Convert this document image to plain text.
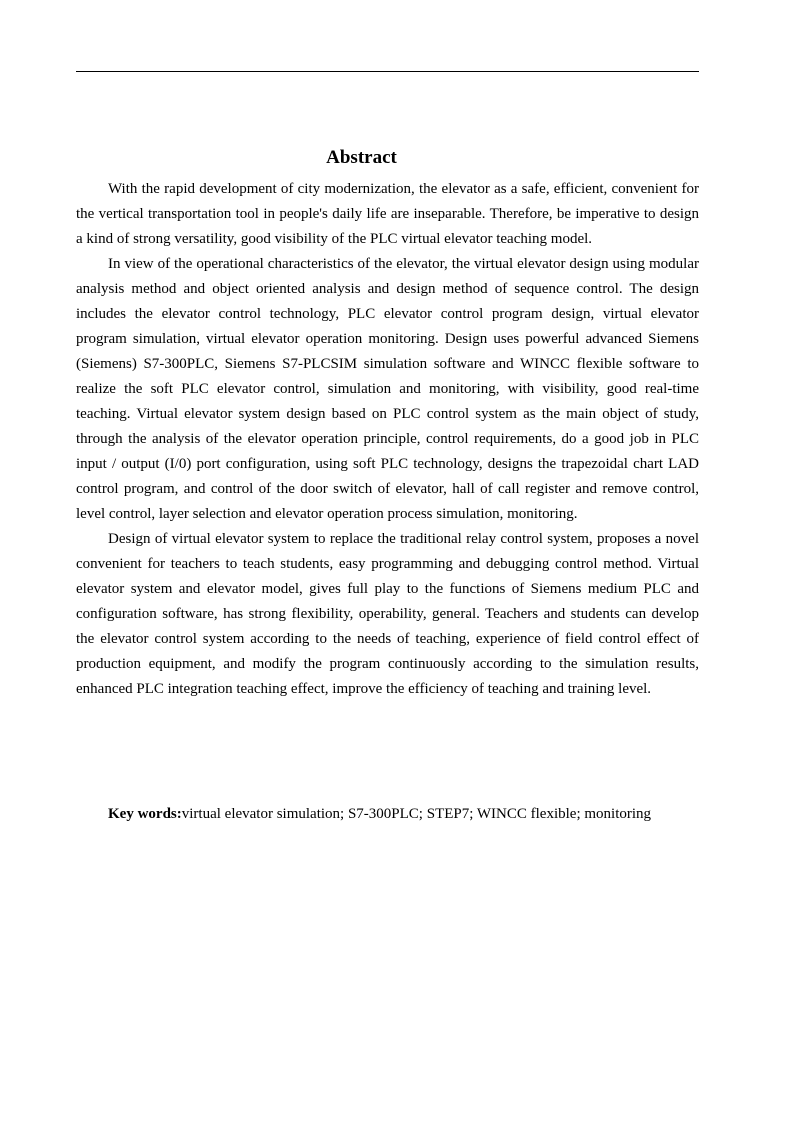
Abstract

With the rapid development of city modernization, the elevator as a safe, efficient, convenient for the vertical transportation tool in people's daily life are inseparable. Therefore, be imperative to design a kind of strong versatility, good visibility of the PLC virtual elevator teaching model.

In view of the operational characteristics of the elevator, the virtual elevator design using modular analysis method and object oriented analysis and design method of sequence control. The design includes the elevator control technology, PLC elevator control program design, virtual elevator program simulation, virtual elevator operation monitoring. Design uses powerful advanced Siemens (Siemens) S7-300PLC, Siemens S7-PLCSIM simulation software and WINCC flexible software to realize the soft PLC elevator control, simulation and monitoring, with visibility, good real-time teaching. Virtual elevator system design based on PLC control system as the main object of study, through the analysis of the elevator operation principle, control requirements, do a good job in PLC input / output (I/0) port configuration, using soft PLC technology, designs the trapezoidal chart LAD control program, and control of the door switch of elevator, hall of call register and remove control, level control, layer selection and elevator operation process simulation, monitoring.

Design of virtual elevator system to replace the traditional relay control system, proposes a novel convenient for teachers to teach students, easy programming and debugging control method. Virtual elevator system and elevator model, gives full play to the functions of Siemens medium PLC and configuration software, has strong flexibility, operability, general. Teachers and students can develop the elevator control system according to the needs of teaching, experience of field control effect of production equipment, and modify the program continuously according to the simulation results, enhanced PLC integration teaching effect, improve the efficiency of teaching and training level.

Key words:virtual elevator simulation; S7-300PLC; STEP7; WINCC flexible; monitoring
